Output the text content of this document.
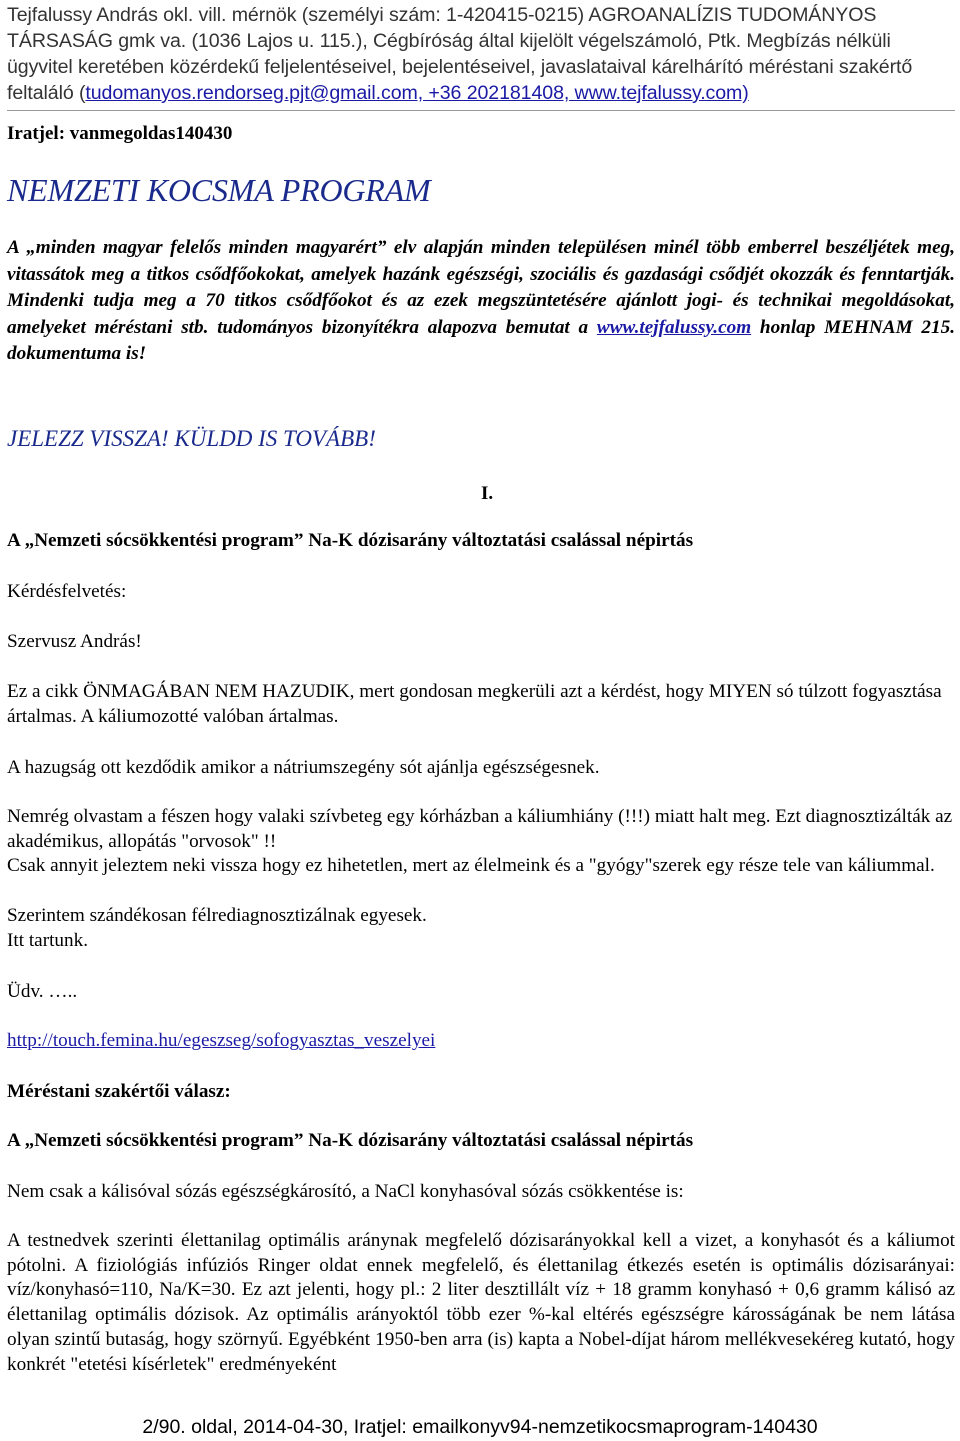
Tejfalussy András okl. vill. mérnök (személyi szám: 1-420415-0215) AGROANALÍZIS TUDOMÁNYOS TÁRSASÁG gmk va. (1036 Lajos u. 115.), Cégbíróság által kijelölt végelszámoló, Ptk. Megbízás nélküli ügyvitel keretében közérdekű feljelentéseivel, bejelentéseivel, javaslataival kárelhárító méréstani szakértő feltaláló (tudomanyos.rendorseg.pjt@gmail.com, +36 202181408, www.tejfalussy.com)
Iratjel: vanmegoldas140430
NEMZETI KOCSMA PROGRAM
A „minden magyar felelős minden magyarért” elv alapján minden településen minél több emberrel beszéljétek meg, vitassátok meg a titkos csődfőokokat, amelyek hazánk egészségi, szociális és gazdasági csődjét okozzák és fenntartják. Mindenki tudja meg a 70 titkos csődfőokot és az ezek megszüntetésére ajánlott jogi- és technikai megoldásokat, amelyeket méréstani stb. tudományos bizonyítékra alapozva bemutat a www.tejfalussy.com honlap MEHNAM 215. dokumentuma is!
JELEZZ VISSZA! KÜLDD IS TOVÁBB!
I.
A „Nemzeti sócsökkentési program” Na-K dózisarány változtatási csalással népirtás
Kérdésfelvetés:
Szervusz András!
Ez a cikk ÖNMAGÁBAN NEM HAZUDIK, mert gondosan megkerüli azt a kérdést, hogy MIYEN só túlzott fogyasztása ártalmas. A káliumozotté valóban ártalmas.
A hazugság ott kezdődik amikor a nátriumszegény sót ajánlja egészségesnek.
Nemrég olvastam a fészen hogy valaki szívbeteg egy kórházban a káliumhiány (!!!) miatt halt meg. Ezt diagnosztizálták az akadémikus, allopátás "orvosok" !!
Csak annyit jeleztem neki vissza hogy ez hihetetlen, mert az élelmeink és a "gyógy"szerek egy része tele van káliummal.
Szerintem szándékosan félrediagnosztizálnak egyesek.
Itt tartunk.
Üdv. …..
http://touch.femina.hu/egeszseg/sofogyasztas_veszelyei
Méréstani szakértői válasz:
A „Nemzeti sócsökkentési program” Na-K dózisarány változtatási csalással népirtás
Nem csak a kálisóval sózás egészségkárosító, a NaCl konyhasóval sózás csökkentése is:
A testnedvek szerinti élettanilag optimális aránynak megfelelő dózisarányokkal kell a vizet, a konyhasót és a káliumot pótolni. A fiziológiás infúziós Ringer oldat ennek megfelelő, és élettanilag étkezés esetén is optimális dózisarányai: víz/konyhasó=110, Na/K=30. Ez azt jelenti, hogy pl.: 2 liter desztillált víz + 18 gramm konyhasó + 0,6 gramm kálisó az élettanilag optimális dózisok. Az optimális arányoktól több ezer %-kal eltérés egészségre károsságának be nem látása olyan szintű butaság, hogy szörnyű. Egyébként 1950-ben arra (is) kapta a Nobel-díjat három mellékvesekéreg kutató, hogy konkrét "etetési kísérletek" eredményeként
2/90. oldal, 2014-04-30, Iratjel: emailkonyv94-nemzetikocsmaprogram-140430
